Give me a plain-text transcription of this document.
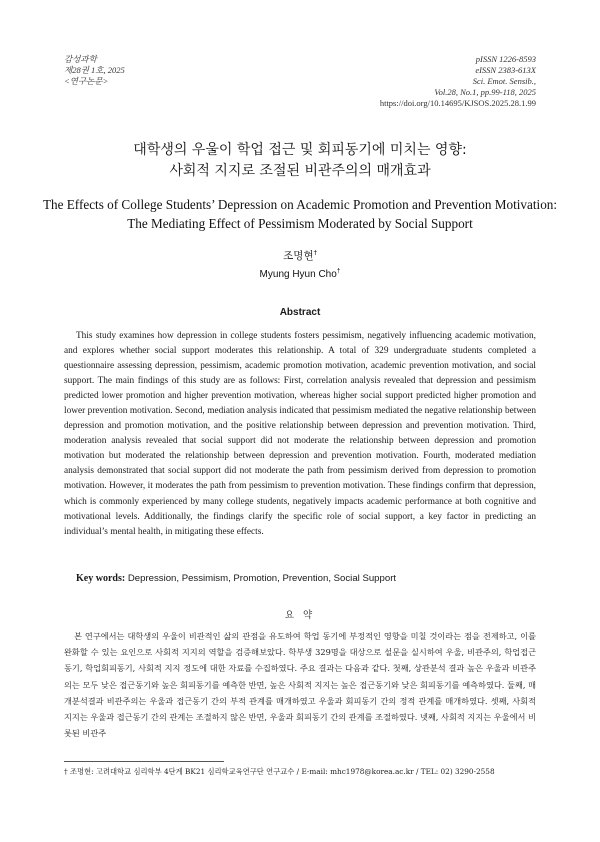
감성과학
제28권 1호, 2025
<연구논문>
pISSN 1226-8593
eISSN 2383-613X
Sci. Emot. Sensib.,
Vol.28, No.1, pp.99-118, 2025
https://doi.org/10.14695/KJSOS.2025.28.1.99
대학생의 우울이 학업 접근 및 회피동기에 미치는 영향:
사회적 지지로 조절된 비관주의의 매개효과
The Effects of College Students’ Depression on Academic Promotion and Prevention Motivation:
The Mediating Effect of Pessimism Moderated by Social Support
조명현†
Myung Hyun Cho†
Abstract

This study examines how depression in college students fosters pessimism, negatively influencing academic motivation, and explores whether social support moderates this relationship. A total of 329 undergraduate students completed a questionnaire assessing depression, pessimism, academic promotion motivation, academic prevention motivation, and social support. The main findings of this study are as follows: First, correlation analysis revealed that depression and pessimism predicted lower promotion and higher prevention motivation, whereas higher social support predicted higher promotion and lower prevention motivation. Second, mediation analysis indicated that pessimism mediated the negative relationship between depression and promotion motivation, and the positive relationship between depression and prevention motivation. Third, moderation analysis revealed that social support did not moderate the relationship between depression and promotion motivation but moderated the relationship between depression and prevention motivation. Fourth, moderated mediation analysis demonstrated that social support did not moderate the path from pessimism derived from depression to promotion motivation. However, it moderates the path from pessimism to prevention motivation. These findings confirm that depression, which is commonly experienced by many college students, negatively impacts academic performance at both cognitive and motivational levels. Additionally, the findings clarify the specific role of social support, a key factor in predicting an individual’s mental health, in mitigating these effects.

Key words: Depression, Pessimism, Promotion, Prevention, Social Support
요 약

본 연구에서는 대학생의 우울이 비관적인 삶의 관점을 유도하여 학업 동기에 부정적인 영향을 미칠 것이라는 점을 전제하고, 이를 완화할 수 있는 요인으로 사회적 지지의 역할을 검증해보았다. 학부생 329명을 대상으로 설문을 실시하여 우울, 비관주의, 학업접근동기, 학업회피동기, 사회적 지지 정도에 대한 자료를 수집하였다. 주요 결과는 다음과 같다. 첫째, 상관분석 결과 높은 우울과 비관주의는 모두 낮은 접근동기와 높은 회피동기를 예측한 반면, 높은 사회적 지지는 높은 접근동기와 낮은 회피동기를 예측하였다. 둘째, 매개분석결과 비관주의는 우울과 접근동기 간의 부적 관계를 매개하였고 우울과 회피동기 간의 정적 관계를 매개하였다. 셋째, 사회적 지지는 우울과 접근동기 간의 관계는 조절하지 않은 반면, 우울과 회피동기 간의 관계를 조절하였다. 넷째, 사회적 지지는 우울에서 비롯된 비관주

† 조명현: 고려대학교 심리학부 4단계 BK21 심리학교육연구단 연구교수 / E-mail: mhc1978@korea.ac.kr / TEL: 02) 3290-2558
